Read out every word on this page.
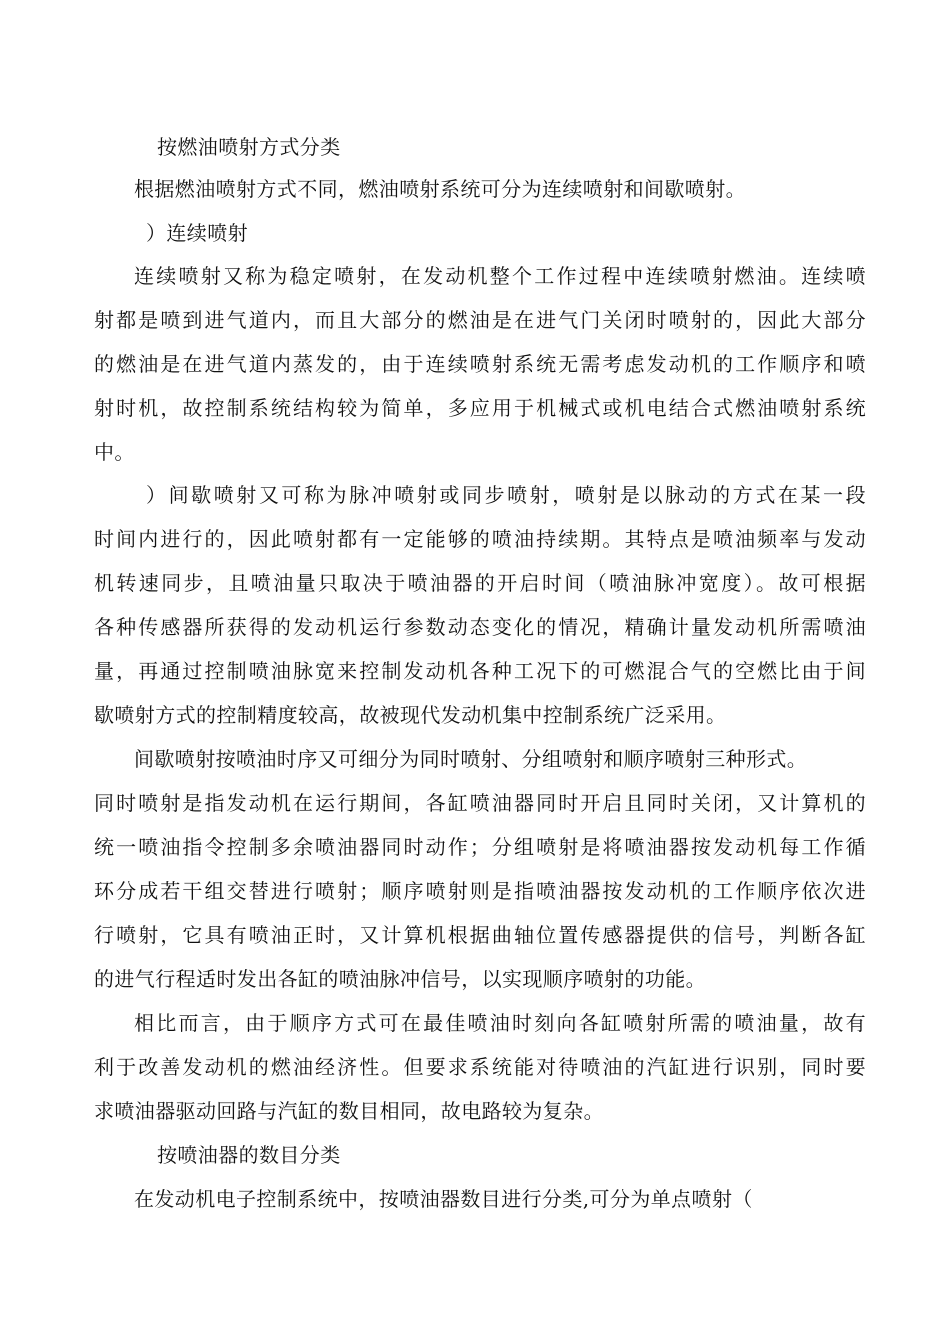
按燃油喷射方式分类
根据燃油喷射方式不同，燃油喷射系统可分为连续喷射和间歇喷射。
）连续喷射
连续喷射又称为稳定喷射，在发动机整个工作过程中连续喷射燃油。连续喷
射都是喷到进气道内，而且大部分的燃油是在进气门关闭时喷射的，因此大部分
的燃油是在进气道内蒸发的，由于连续喷射系统无需考虑发动机的工作顺序和喷
射时机，故控制系统结构较为简单，多应用于机械式或机电结合式燃油喷射系统
中。
）间歇喷射又可称为脉冲喷射或同步喷射，喷射是以脉动的方式在某一段
时间内进行的，因此喷射都有一定能够的喷油持续期。其特点是喷油频率与发动
机转速同步，且喷油量只取决于喷油器的开启时间（喷油脉冲宽度）。故可根据
各种传感器所获得的发动机运行参数动态变化的情况，精确计量发动机所需喷油
量，再通过控制喷油脉宽来控制发动机各种工况下的可燃混合气的空燃比由于间
歇喷射方式的控制精度较高，故被现代发动机集中控制系统广泛采用。
间歇喷射按喷油时序又可细分为同时喷射、分组喷射和顺序喷射三种形式。
同时喷射是指发动机在运行期间，各缸喷油器同时开启且同时关闭，又计算机的
统一喷油指令控制多余喷油器同时动作；分组喷射是将喷油器按发动机每工作循
环分成若干组交替进行喷射；顺序喷射则是指喷油器按发动机的工作顺序依次进
行喷射，它具有喷油正时，又计算机根据曲轴位置传感器提供的信号，判断各缸
的进气行程适时发出各缸的喷油脉冲信号，以实现顺序喷射的功能。
相比而言，由于顺序方式可在最佳喷油时刻向各缸喷射所需的喷油量，故有
利于改善发动机的燃油经济性。但要求系统能对待喷油的汽缸进行识别，同时要
求喷油器驱动回路与汽缸的数目相同，故电路较为复杂。
按喷油器的数目分类
在发动机电子控制系统中，按喷油器数目进行分类,可分为单点喷射（
